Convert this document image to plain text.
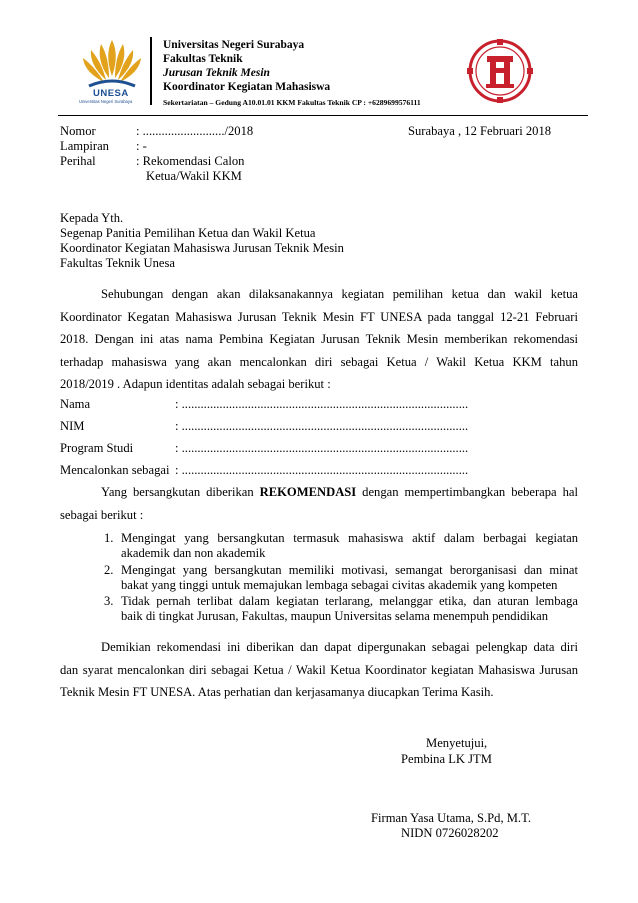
UNESA
Universitas Negeri Surabaya
Universitas Negeri Surabaya
Fakultas Teknik
Jurusan Teknik Mesin
Koordinator Kegiatan Mahasiswa
Sekertariatan – Gedung A10.01.01 KKM Fakultas Teknik CP : +6289699576111
Nomor	: ........................../2018	Surabaya , 12 Februari 2018
Lampiran : -
Perihal	: Rekomendasi Calon
Ketua/Wakil KKM
Kepada Yth.
Segenap Panitia Pemilihan Ketua dan Wakil Ketua
Koordinator Kegiatan Mahasiswa Jurusan Teknik Mesin
Fakultas Teknik Unesa
Sehubungan dengan akan dilaksanakannya kegiatan pemilihan ketua dan wakil ketua
Koordinator Kegatan Mahasiswa Jurusan Teknik Mesin FT UNESA pada tanggal 12-21 Februari
2018. Dengan ini atas nama Pembina Kegiatan Jurusan Teknik Mesin memberikan rekomendasi
terhadap mahasiswa yang akan mencalonkan diri sebagai Ketua / Wakil Ketua KKM tahun
2018/2019 . Adapun identitas adalah sebagai berikut :
Nama	: ...........................................................................................
NIM	: ...........................................................................................
Program Studi	: ...........................................................................................
Mencalonkan sebagai : ...........................................................................................
Yang bersangkutan diberikan REKOMENDASI dengan mempertimbangkan beberapa hal
sebagai berikut :
1. Mengingat yang bersangkutan termasuk mahasiswa aktif dalam berbagai kegiatan
akademik dan non akademik
2. Mengingat yang bersangkutan memiliki motivasi, semangat berorganisasi dan minat
bakat yang tinggi untuk memajukan lembaga sebagai civitas akademik yang kompeten
3. Tidak pernah terlibat dalam kegiatan terlarang, melanggar etika, dan aturan lembaga
baik di tingkat Jurusan, Fakultas, maupun Universitas selama menempuh pendidikan
Demikian rekomendasi ini diberikan dan dapat dipergunakan sebagai pelengkap data diri
dan syarat mencalonkan diri sebagai Ketua / Wakil Ketua Koordinator kegiatan Mahasiswa Jurusan
Teknik Mesin FT UNESA. Atas perhatian dan kerjasamanya diucapkan Terima Kasih.
Menyetujui,
Pembina LK JTM
Firman Yasa Utama, S.Pd, M.T.
NIDN 0726028202
